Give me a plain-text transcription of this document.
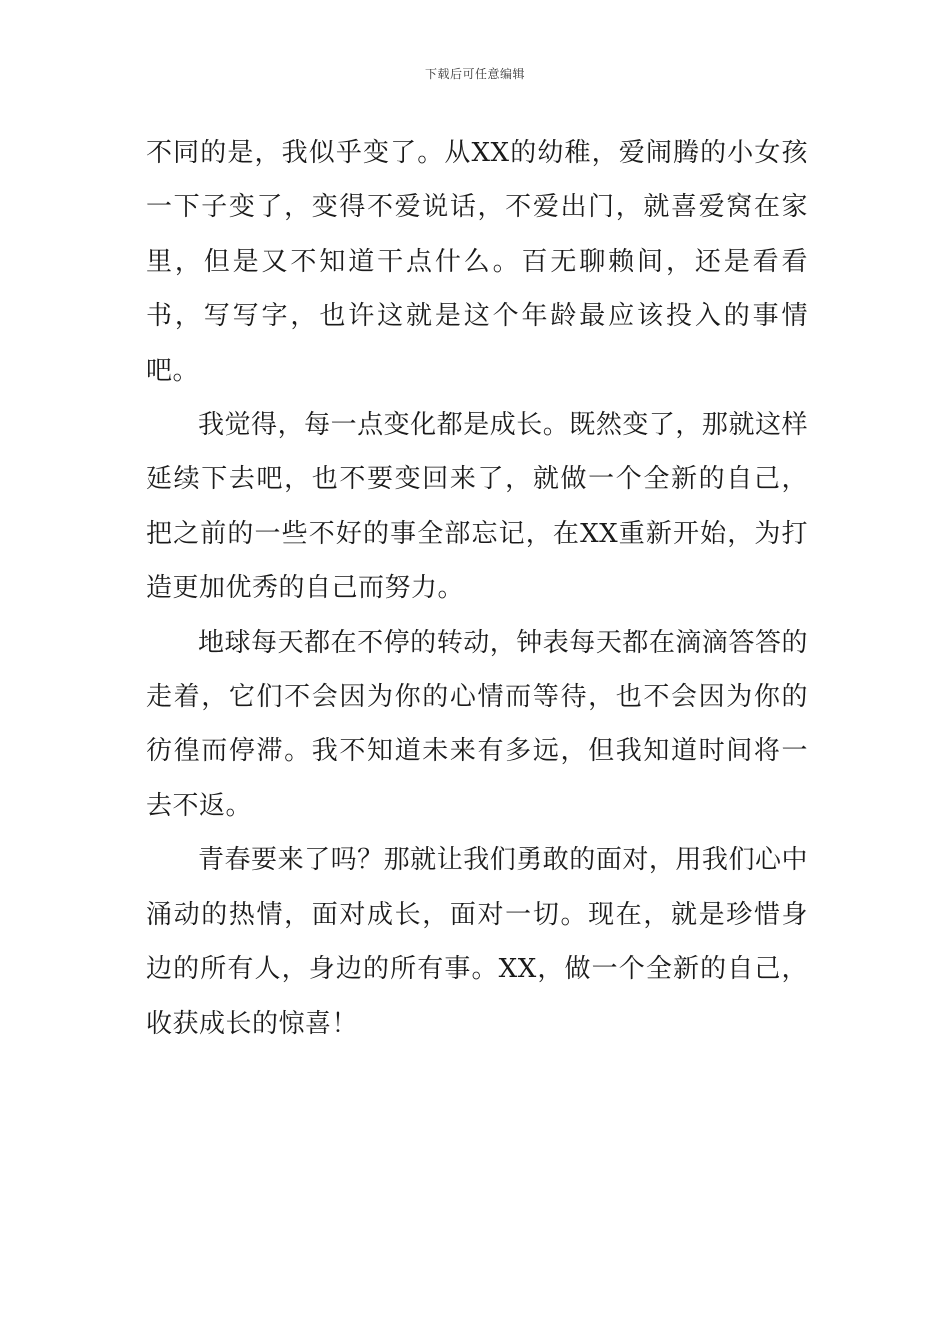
下载后可任意编辑

不同的是，我似乎变了。从XX的幼稚，爱闹腾的小女孩一下子变了，变得不爱说话，不爱出门，就喜爱窝在家里，但是又不知道干点什么。百无聊赖间，还是看看书，写写字，也许这就是这个年龄最应该投入的事情吧。

我觉得，每一点变化都是成长。既然变了，那就这样延续下去吧，也不要变回来了，就做一个全新的自己，把之前的一些不好的事全部忘记，在XX重新开始，为打造更加优秀的自己而努力。

地球每天都在不停的转动，钟表每天都在滴滴答答的走着，它们不会因为你的心情而等待，也不会因为你的彷徨而停滞。我不知道未来有多远，但我知道时间将一去不返。

青春要来了吗？那就让我们勇敢的面对，用我们心中涌动的热情，面对成长，面对一切。现在，就是珍惜身边的所有人，身边的所有事。XX，做一个全新的自己，收获成长的惊喜！
